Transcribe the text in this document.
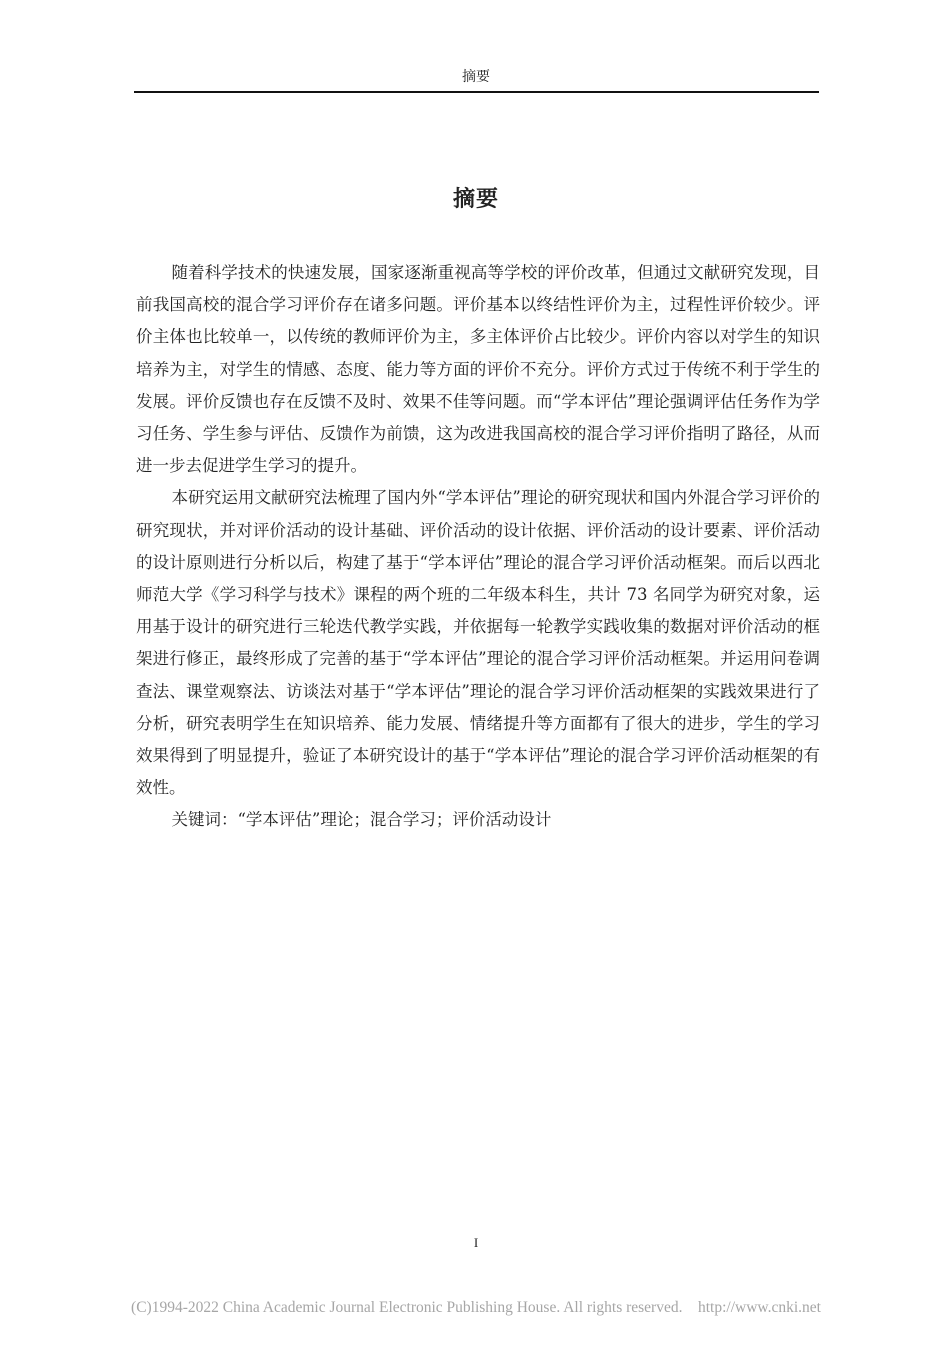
摘要
摘要

随着科学技术的快速发展，国家逐渐重视高等学校的评价改革，但通过文献研究发现，目前我国高校的混合学习评价存在诸多问题。评价基本以终结性评价为主，过程性评价较少。评价主体也比较单一，以传统的教师评价为主，多主体评价占比较少。评价内容以对学生的知识培养为主，对学生的情感、态度、能力等方面的评价不充分。评价方式过于传统不利于学生的发展。评价反馈也存在反馈不及时、效果不佳等问题。而“学本评估”理论强调评估任务作为学习任务、学生参与评估、反馈作为前馈，这为改进我国高校的混合学习评价指明了路径，从而进一步去促进学生学习的提升。

本研究运用文献研究法梳理了国内外“学本评估”理论的研究现状和国内外混合学习评价的研究现状，并对评价活动的设计基础、评价活动的设计依据、评价活动的设计要素、评价活动的设计原则进行分析以后，构建了基于“学本评估”理论的混合学习评价活动框架。而后以西北师范大学《学习科学与技术》课程的两个班的二年级本科生，共计 73 名同学为研究对象，运用基于设计的研究进行三轮迭代教学实践，并依据每一轮教学实践收集的数据对评价活动的框架进行修正，最终形成了完善的基于“学本评估”理论的混合学习评价活动框架。并运用问卷调查法、课堂观察法、访谈法对基于“学本评估”理论的混合学习评价活动框架的实践效果进行了分析，研究表明学生在知识培养、能力发展、情绪提升等方面都有了很大的进步，学生的学习效果得到了明显提升，验证了本研究设计的基于“学本评估”理论的混合学习评价活动框架的有效性。

关键词：“学本评估”理论；混合学习；评价活动设计

I
(C)1994-2022 China Academic Journal Electronic Publishing House. All rights reserved.    http://www.cnki.net
